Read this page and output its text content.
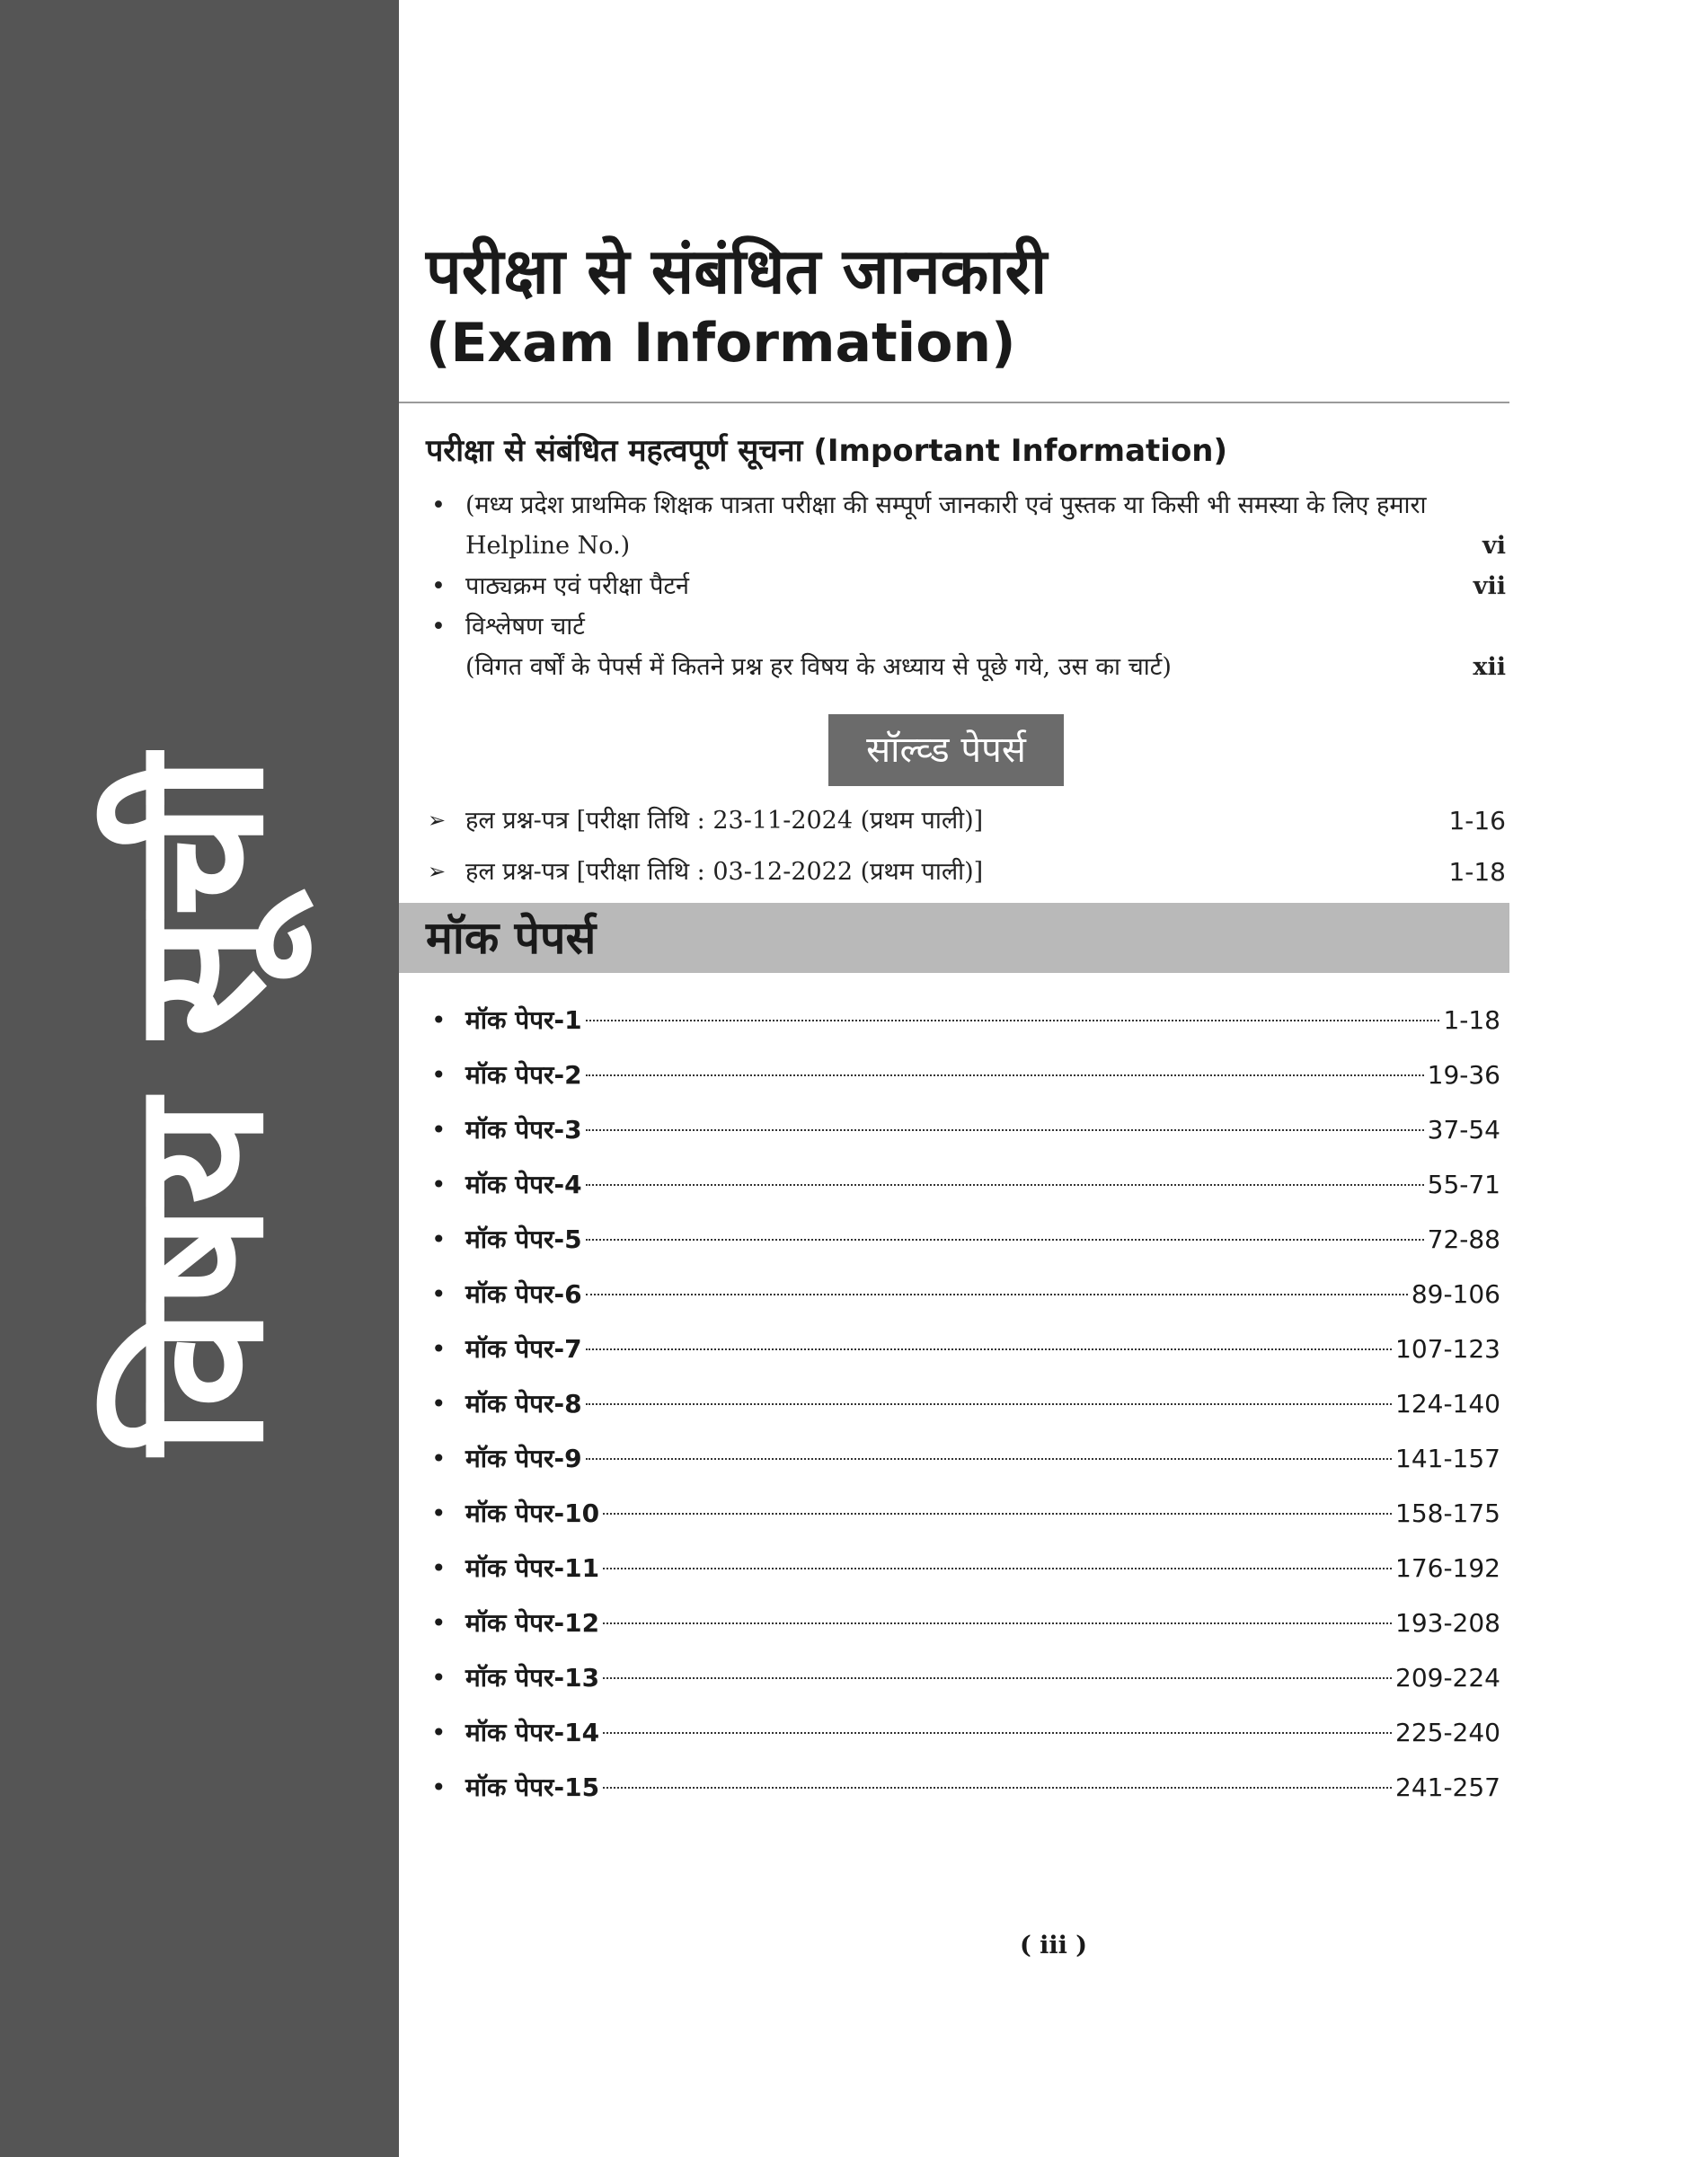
विषय सूची
परीक्षा से संबंधित जानकारी
(Exam Information)
परीक्षा से संबंधित महत्वपूर्ण सूचना (Important Information)
• (मध्य प्रदेश प्राथमिक शिक्षक पात्रता परीक्षा की सम्पूर्ण जानकारी एवं पुस्तक या किसी भी समस्या के लिए हमारा Helpline No.)	vi
• पाठ्यक्रम एवं परीक्षा पैटर्न	vii
• विश्लेषण चार्ट
(विगत वर्षों के पेपर्स में कितने प्रश्न हर विषय के अध्याय से पूछे गये, उस का चार्ट)	xii
सॉल्व्ड पेपर्स
➢ हल प्रश्न-पत्र [परीक्षा तिथि : 23-11-2024 (प्रथम पाली)]	1-16
➢ हल प्रश्न-पत्र [परीक्षा तिथि : 03-12-2022 (प्रथम पाली)]	1-18
मॉक पेपर्स
• मॉक पेपर-1	1-18
• मॉक पेपर-2	19-36
• मॉक पेपर-3	37-54
• मॉक पेपर-4	55-71
• मॉक पेपर-5	72-88
• मॉक पेपर-6	89-106
• मॉक पेपर-7	107-123
• मॉक पेपर-8	124-140
• मॉक पेपर-9	141-157
• मॉक पेपर-10	158-175
• मॉक पेपर-11	176-192
• मॉक पेपर-12	193-208
• मॉक पेपर-13	209-224
• मॉक पेपर-14	225-240
• मॉक पेपर-15	241-257
( iii )
